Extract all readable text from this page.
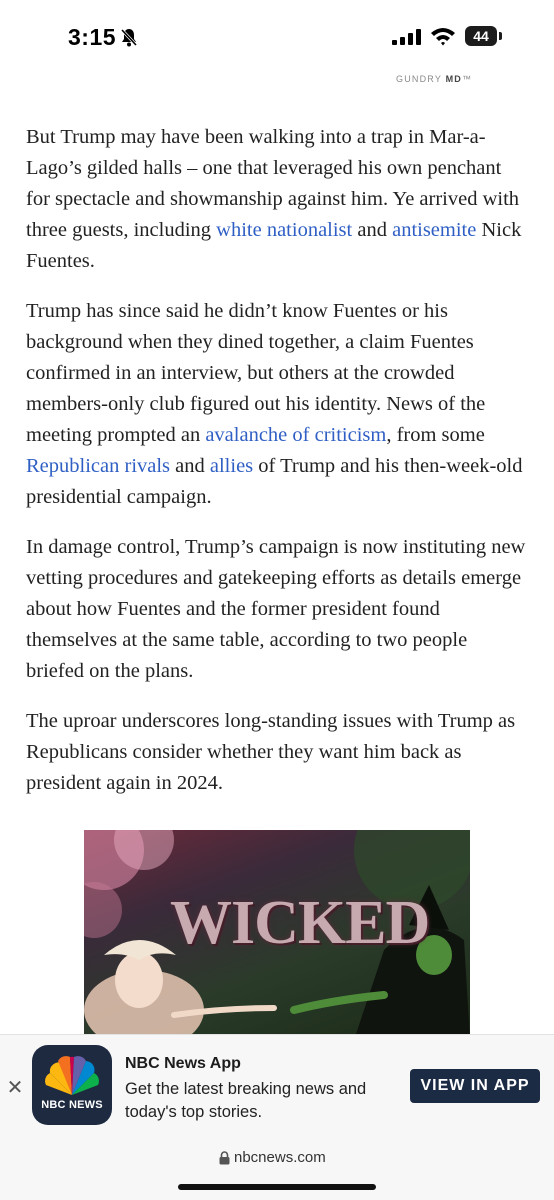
3:15	44
GUNDRY MD™

But Trump may have been walking into a trap in Mar-a-Lago’s gilded halls – one that leveraged his own penchant for spectacle and showmanship against him. Ye arrived with three guests, including white nationalist and antisemite Nick Fuentes.

Trump has since said he didn’t know Fuentes or his background when they dined together, a claim Fuentes confirmed in an interview, but others at the crowded members-only club figured out his identity. News of the meeting prompted an avalanche of criticism, from some Republican rivals and allies of Trump and his then-week-old presidential campaign.

In damage control, Trump’s campaign is now instituting new vetting procedures and gatekeeping efforts as details emerge about how Fuentes and the former president found themselves at the same table, according to two people briefed on the plans.

The uproar underscores long-standing issues with Trump as Republicans consider whether they want him back as president again in 2024.

WICKED
✕
NBC NEWS
NBC News App
Get the latest breaking news and today's top stories.
VIEW IN APP
nbcnews.com
